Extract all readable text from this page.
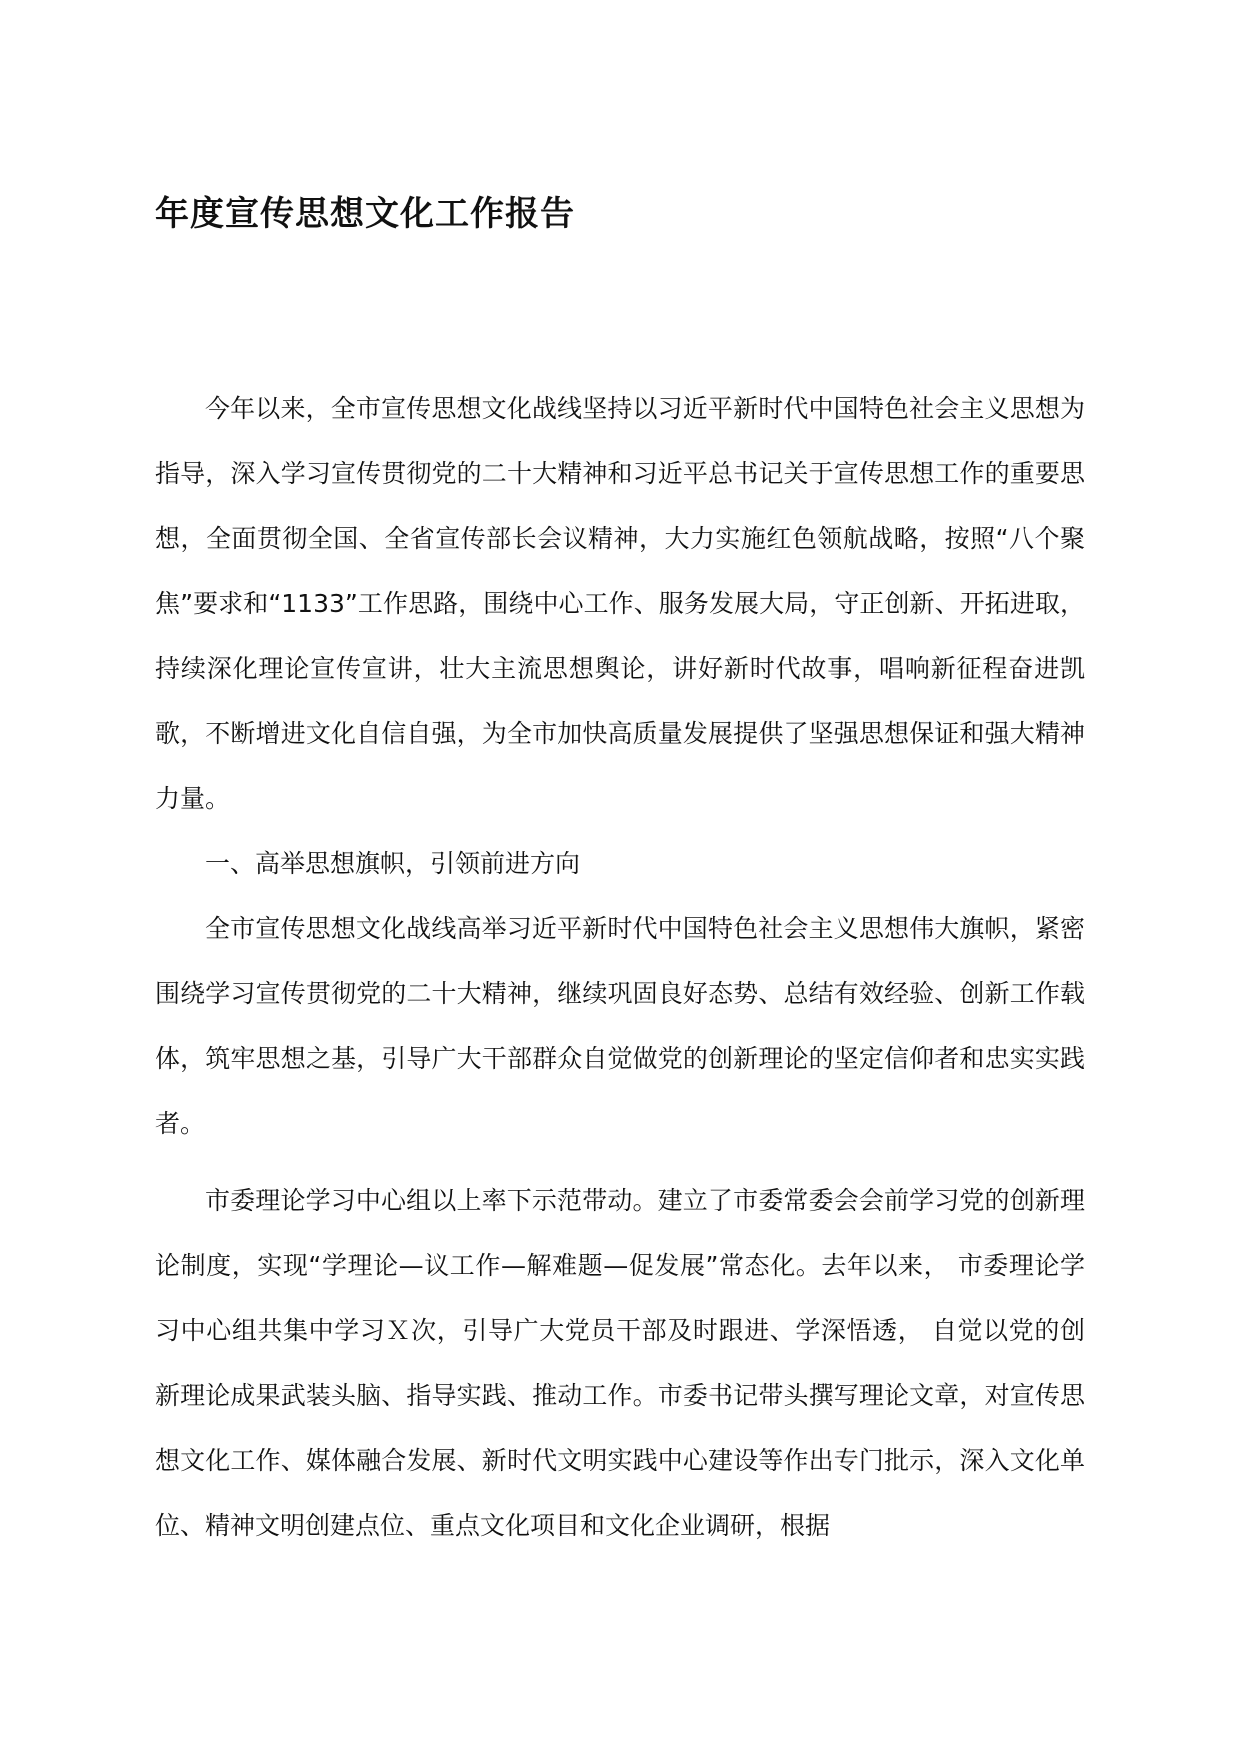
年度宣传思想文化工作报告

今年以来，全市宣传思想文化战线坚持以习近平新时代中国特色社会主义思想为指导，深入学习宣传贯彻党的二十大精神和习近平总书记关于宣传思想工作的重要思想，全面贯彻全国、全省宣传部长会议精神，大力实施红色领航战略，按照“八个聚焦”要求和“1133”工作思路，围绕中心工作、服务发展大局，守正创新、开拓进取，持续深化理论宣传宣讲，壮大主流思想舆论，讲好新时代故事，唱响新征程奋进凯歌，不断增进文化自信自强，为全市加快高质量发展提供了坚强思想保证和强大精神力量。

一、高举思想旗帜，引领前进方向

全市宣传思想文化战线高举习近平新时代中国特色社会主义思想伟大旗帜，紧密围绕学习宣传贯彻党的二十大精神，继续巩固良好态势、总结有效经验、创新工作载体，筑牢思想之基，引导广大干部群众自觉做党的创新理论的坚定信仰者和忠实实践者。

市委理论学习中心组以上率下示范带动。建立了市委常委会会前学习党的创新理论制度，实现“学理论—议工作—解难题—促发展”常态化。去年以来， 市委理论学习中心组共集中学习Ｘ次，引导广大党员干部及时跟进、学深悟透， 自觉以党的创新理论成果武装头脑、指导实践、推动工作。市委书记带头撰写理论文章，对宣传思想文化工作、媒体融合发展、新时代文明实践中心建设等作出专门批示，深入文化单位、精神文明创建点位、重点文化项目和文化企业调研，根据
